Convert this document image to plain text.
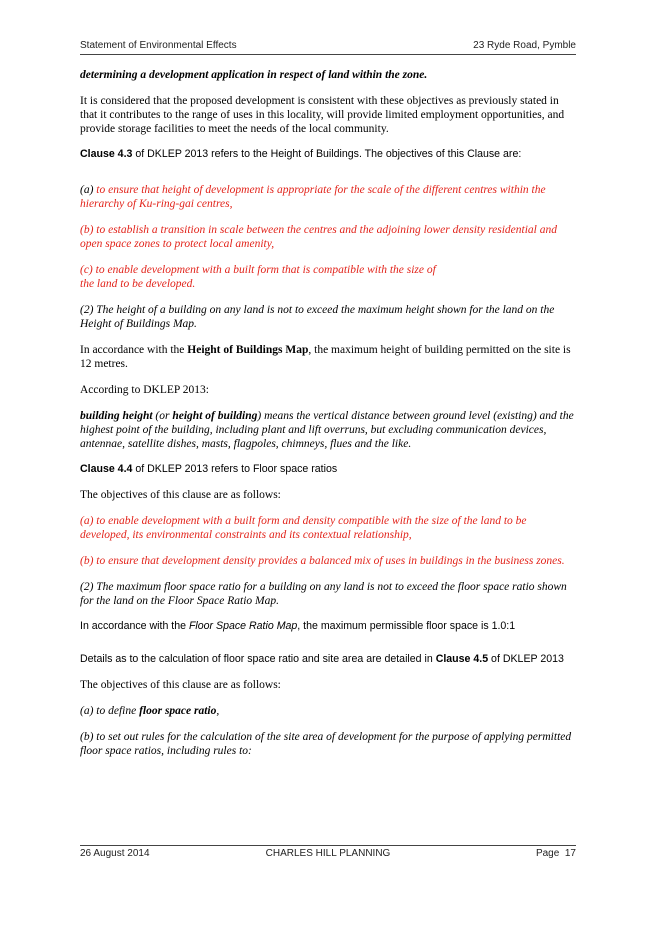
Statement of Environmental Effects	23 Ryde Road, Pymble

determining a development application in respect of land within the zone.

It is considered that the proposed development is consistent with these objectives as previously stated in that it contributes to the range of uses in this locality, will provide limited employment opportunities, and provide storage facilities to meet the needs of the local community.

Clause 4.3 of DKLEP 2013 refers to the Height of Buildings. The objectives of this Clause are:

(a) to ensure that height of development is appropriate for the scale of the different centres within the hierarchy of Ku-ring-gai centres,

(b) to establish a transition in scale between the centres and the adjoining lower density residential and open space zones to protect local amenity,

(c) to enable development with a built form that is compatible with the size of
the land to be developed.

(2) The height of a building on any land is not to exceed the maximum height shown for the land on the Height of Buildings Map.

In accordance with the Height of Buildings Map, the maximum height of building permitted on the site is 12 metres.

According to DKLEP 2013:

building height (or height of building) means the vertical distance between ground level (existing) and the highest point of the building, including plant and lift overruns, but excluding communication devices, antennae, satellite dishes, masts, flagpoles, chimneys, flues and the like.

Clause 4.4 of DKLEP 2013 refers to Floor space ratios

The objectives of this clause are as follows:

(a) to enable development with a built form and density compatible with the size of the land to be developed, its environmental constraints and its contextual relationship,

(b) to ensure that development density provides a balanced mix of uses in buildings in the business zones.

(2) The maximum floor space ratio for a building on any land is not to exceed the floor space ratio shown for the land on the Floor Space Ratio Map.

In accordance with the Floor Space Ratio Map, the maximum permissible floor space is 1.0:1

Details as to the calculation of floor space ratio and site area are detailed in Clause 4.5 of DKLEP 2013

The objectives of this clause are as follows:

(a) to define floor space ratio,

(b) to set out rules for the calculation of the site area of development for the purpose of applying permitted floor space ratios, including rules to:

26 August 2014	CHARLES HILL PLANNING	Page 17
